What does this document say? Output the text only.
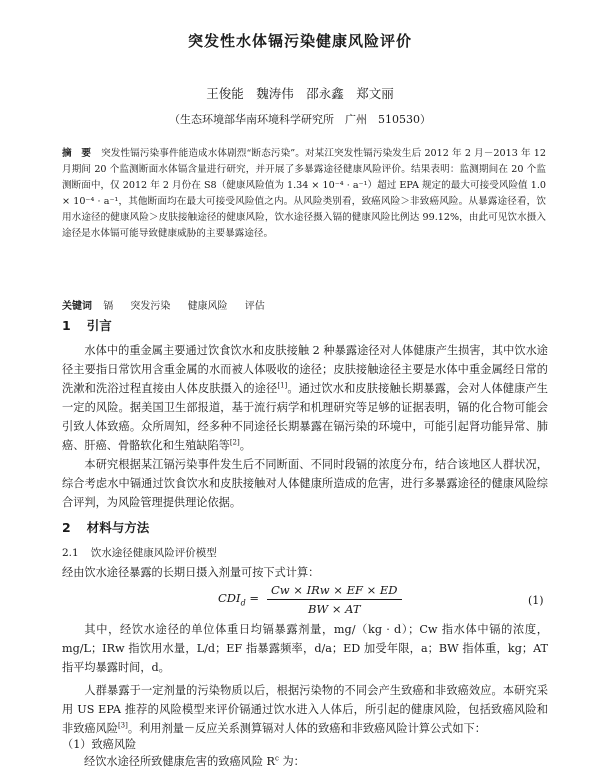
突发性水体镉污染健康风险评价
王俊能　魏涛伟　邵永鑫　郑文丽
（生态环境部华南环境科学研究所　广州　510530）
摘　要 突发性镉污染事件能造成水体剧烈“断态污染”。对某江突发性镉污染发生后 2012 年 2 月－2013 年 12 月期间 20 个监测断面水体镉含量进行研究，并开展了多暴露途径健康风险评价。结果表明：监测期间在 20 个监测断面中，仅 2012 年 2 月份在 S8（健康风险值为 1.34 × 10⁻⁴ · a⁻¹）超过 EPA 规定的最大可接受风险值 1.0 × 10⁻⁴ · a⁻¹，其他断面均在最大可接受风险值之内。从风险类别看，致癌风险＞非致癌风险。从暴露途径看，饮用水途径的健康风险＞皮肤接触途径的健康风险，饮水途径摄入镉的健康风险比例达 99.12%，由此可见饮水摄入途径是水体镉可能导致健康威胁的主要暴露途径。
关键词 镉 突发污染 健康风险 评估
1 引言
水体中的重金属主要通过饮食饮水和皮肤接触 2 种暴露途径对人体健康产生损害，其中饮水途径主要指日常饮用含重金属的水而被人体吸收的途径；皮肤接触途径主要是水体中重金属经日常的洗漱和洗浴过程直接由人体皮肤摄入的途径[1]。通过饮水和皮肤接触长期暴露，会对人体健康产生一定的风险。据美国卫生部报道，基于流行病学和机理研究等足够的证据表明，镉的化合物可能会引致人体致癌。众所周知，经多种不同途径长期暴露在镉污染的环境中，可能引起肾功能异常、肺癌、肝癌、骨骼软化和生殖缺陷等[2]。
本研究根据某江镉污染事件发生后不同断面、不同时段镉的浓度分布，结合该地区人群状况，综合考虑水中镉通过饮食饮水和皮肤接触对人体健康所造成的危害，进行多暴露途径的健康风险综合评判，为风险管理提供理论依据。
2 材料与方法
2.1 饮水途径健康风险评价模型
经由饮水途径暴露的长期日摄入剂量可按下式计算：
$CDI_d = \frac{\text{Cw × IRw × EF × ED}}{BW \times AT}$	(1)
其中，经饮水途径的单位体重日均镉暴露剂量，mg/（kg · d）；Cw 指水体中镉的浓度，mg/L；IRw 指饮用水量，L/d；EF 指暴露频率，d/a；ED 加受年限，a；BW 指体重，kg；AT 指平均暴露时间，d。
人群暴露于一定剂量的污染物质以后，根据污染物的不同会产生致癌和非致癌效应。本研究采用 US EPA 推荐的风险模型来评价镉通过饮水进入人体后，所引起的健康风险，包括致癌风险和非致癌风险[3]。利用剂量－反应关系测算镉对人体的致癌和非致癌风险计算公式如下：
（1）致癌风险
经饮水途径所致健康危害的致癌风险 $R^c$ 为：
